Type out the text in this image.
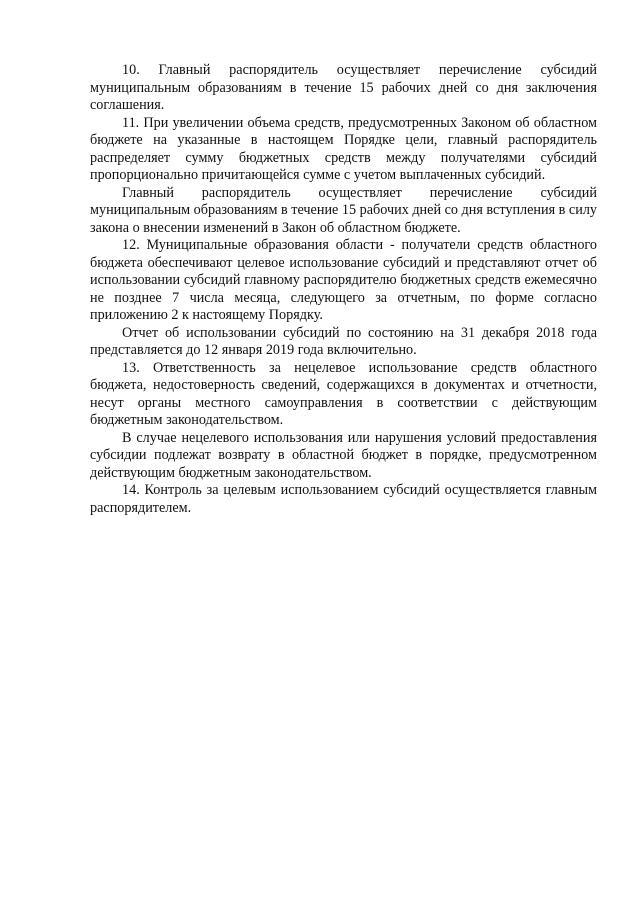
10. Главный распорядитель осуществляет перечисление субсидий муниципальным образованиям в течение 15 рабочих дней со дня заключения соглашения.

11. При увеличении объема средств, предусмотренных Законом об областном бюджете на указанные в настоящем Порядке цели, главный распорядитель распределяет сумму бюджетных средств между получателями субсидий пропорционально причитающейся сумме с учетом выплаченных субсидий.

Главный распорядитель осуществляет перечисление субсидий муниципальным образованиям в течение 15 рабочих дней со дня вступления в силу закона о внесении изменений в Закон об областном бюджете.

12. Муниципальные образования области - получатели средств областного бюджета обеспечивают целевое использование субсидий и представляют отчет об использовании субсидий главному распорядителю бюджетных средств ежемесячно не позднее 7 числа месяца, следующего за отчетным, по форме согласно приложению 2 к настоящему Порядку.

Отчет об использовании субсидий по состоянию на 31 декабря 2018 года представляется до 12 января 2019 года включительно.

13. Ответственность за нецелевое использование средств областного бюджета, недостоверность сведений, содержащихся в документах и отчетности, несут органы местного самоуправления в соответствии с действующим бюджетным законодательством.

В случае нецелевого использования или нарушения условий предоставления субсидии подлежат возврату в областной бюджет в порядке, предусмотренном действующим бюджетным законодательством.

14. Контроль за целевым использованием субсидий осуществляется главным распорядителем.
